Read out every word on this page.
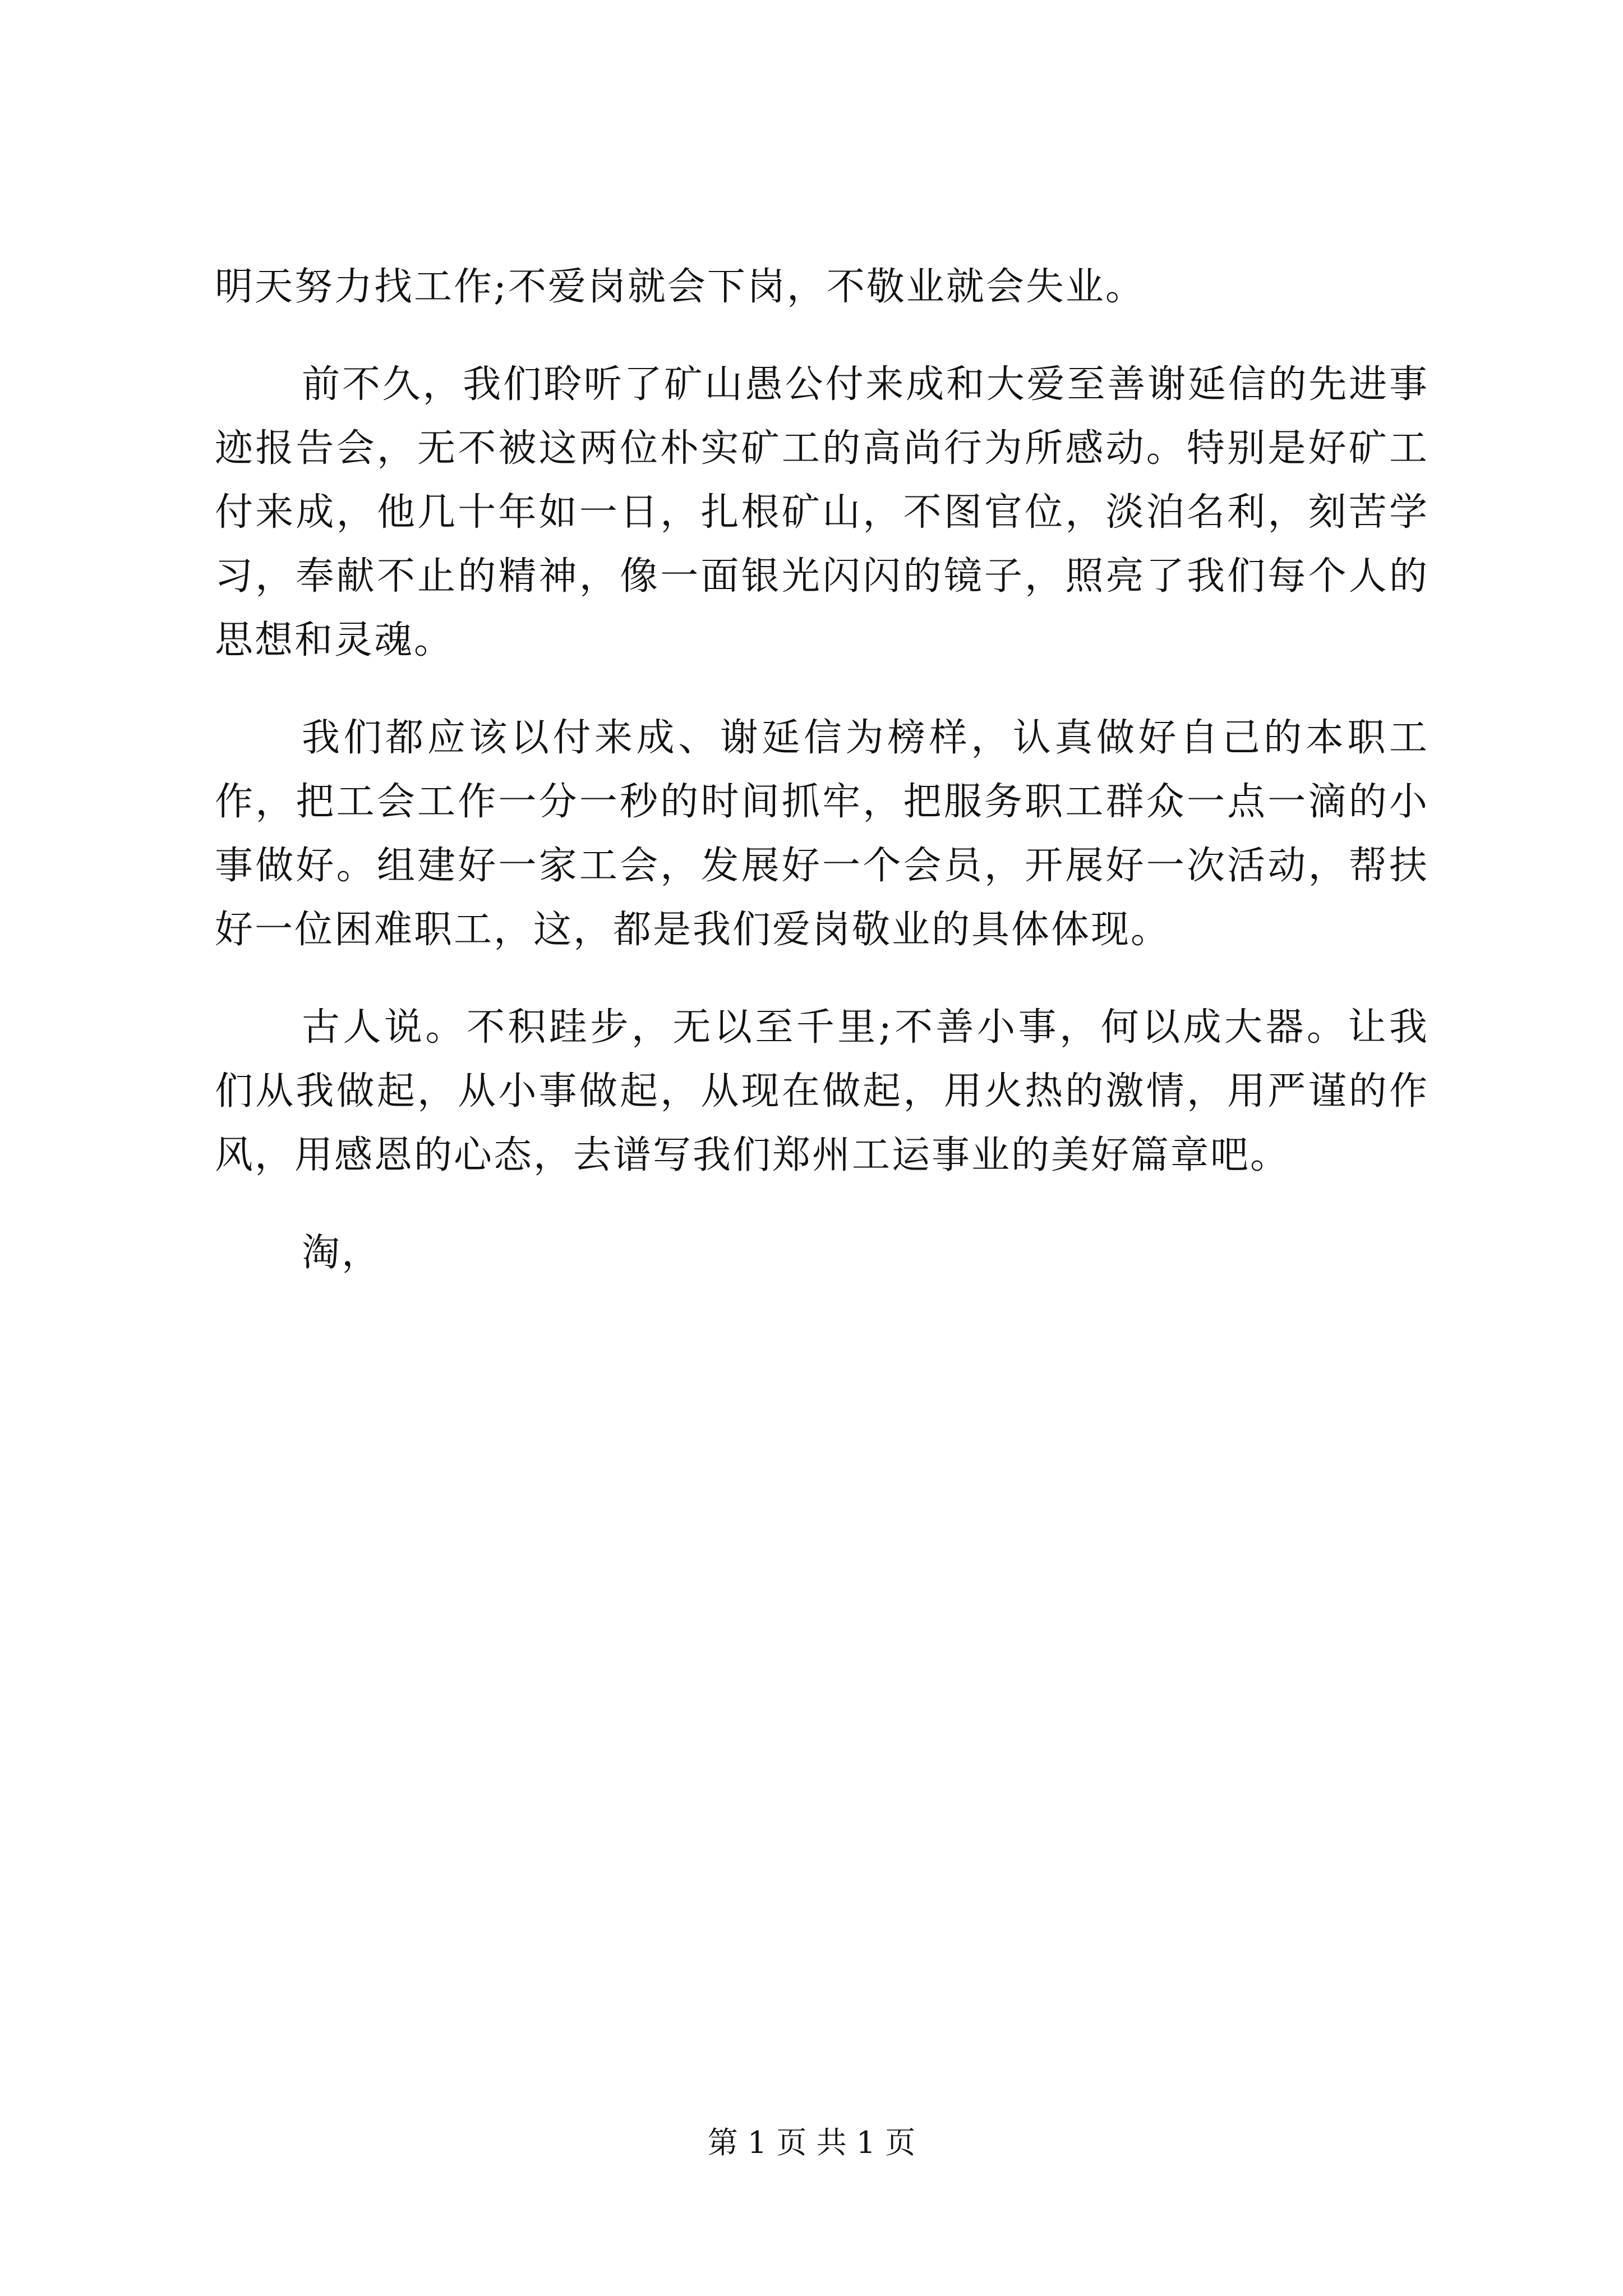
明天努力找工作;不爱岗就会下岗，不敬业就会失业。

前不久，我们聆听了矿山愚公付来成和大爱至善谢延信的先进事迹报告会，无不被这两位朴实矿工的高尚行为所感动。特别是好矿工付来成，他几十年如一日，扎根矿山，不图官位，淡泊名利，刻苦学习，奉献不止的精神，像一面银光闪闪的镜子，照亮了我们每个人的思想和灵魂。

我们都应该以付来成、谢延信为榜样，认真做好自己的本职工作，把工会工作一分一秒的时间抓牢，把服务职工群众一点一滴的小事做好。组建好一家工会，发展好一个会员，开展好一次活动，帮扶好一位困难职工，这，都是我们爱岗敬业的具体体现。

古人说。不积跬步，无以至千里;不善小事，何以成大器。让我们从我做起，从小事做起，从现在做起，用火热的激情，用严谨的作风，用感恩的心态，去谱写我们郑州工运事业的美好篇章吧。

淘，

第 1 页 共 1 页
